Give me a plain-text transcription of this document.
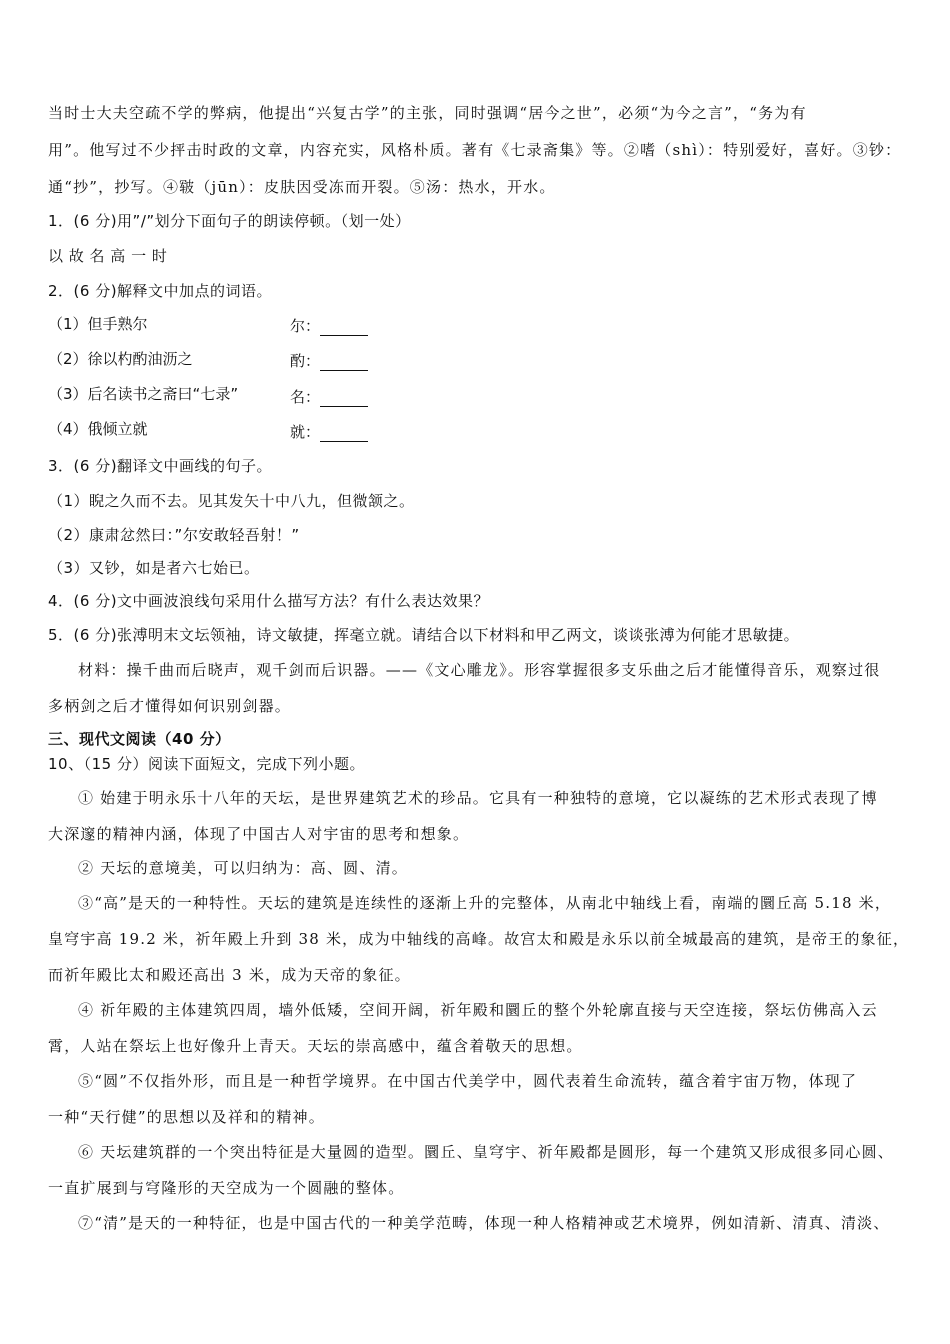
当时士大夫空疏不学的弊病，他提出“兴复古学”的主张，同时强调“居今之世”，必须“为今之言”，“务为有
用”。他写过不少抨击时政的文章，内容充实，风格朴质。著有《七录斋集》等。②嗜（shì）：特别爱好，喜好。③钞：
通“抄”，抄写。④皲（jūn）：皮肤因受冻而开裂。⑤汤：热水，开水。
1．(6 分)用”/”划分下面句子的朗读停顿。（划一处）
以 故 名 高 一 时
2．(6 分)解释文中加点的词语。
（1）但手熟尔	尔：
（2）徐以杓酌油沥之	酌：
（3）后名读书之斋曰“七录”	名：
（4）俄倾立就	就：
3．(6 分)翻译文中画线的句子。
（1）睨之久而不去。见其发矢十中八九，但微颔之。
（2）康肃忿然曰：”尔安敢轻吾射！”
（3）又钞，如是者六七始已。
4．(6 分)文中画波浪线句采用什么描写方法？有什么表达效果？
5．(6 分)张溥明末文坛领袖，诗文敏捷，挥毫立就。请结合以下材料和甲乙两文，谈谈张溥为何能才思敏捷。
材料：操千曲而后晓声，观千剑而后识器。——《文心雕龙》。形容掌握很多支乐曲之后才能懂得音乐，观察过很
多柄剑之后才懂得如何识别剑器。
三、现代文阅读（40 分）
10、（15 分）阅读下面短文，完成下列小题。
① 始建于明永乐十八年的天坛，是世界建筑艺术的珍品。它具有一种独特的意境，它以凝练的艺术形式表现了博
大深邃的精神内涵，体现了中国古人对宇宙的思考和想象。
② 天坛的意境美，可以归纳为：高、圆、清。
③“高”是天的一种特性。天坛的建筑是连续性的逐渐上升的完整体，从南北中轴线上看，南端的圜丘高 5.18 米，
皇穹宇高 19.2 米，祈年殿上升到 38 米，成为中轴线的高峰。故宫太和殿是永乐以前全城最高的建筑，是帝王的象征，
而祈年殿比太和殿还高出 3 米，成为天帝的象征。
④ 祈年殿的主体建筑四周，墙外低矮，空间开阔，祈年殿和圜丘的整个外轮廓直接与天空连接，祭坛仿佛高入云
霄，人站在祭坛上也好像升上青天。天坛的崇高感中，蕴含着敬天的思想。
⑤“圆”不仅指外形，而且是一种哲学境界。在中国古代美学中，圆代表着生命流转，蕴含着宇宙万物，体现了
一种“天行健”的思想以及祥和的精神。
⑥ 天坛建筑群的一个突出特征是大量圆的造型。圜丘、皇穹宇、祈年殿都是圆形，每一个建筑又形成很多同心圆、
一直扩展到与穹隆形的天空成为一个圆融的整体。
⑦“清”是天的一种特征，也是中国古代的一种美学范畴，体现一种人格精神或艺术境界，例如清新、清真、清淡、
